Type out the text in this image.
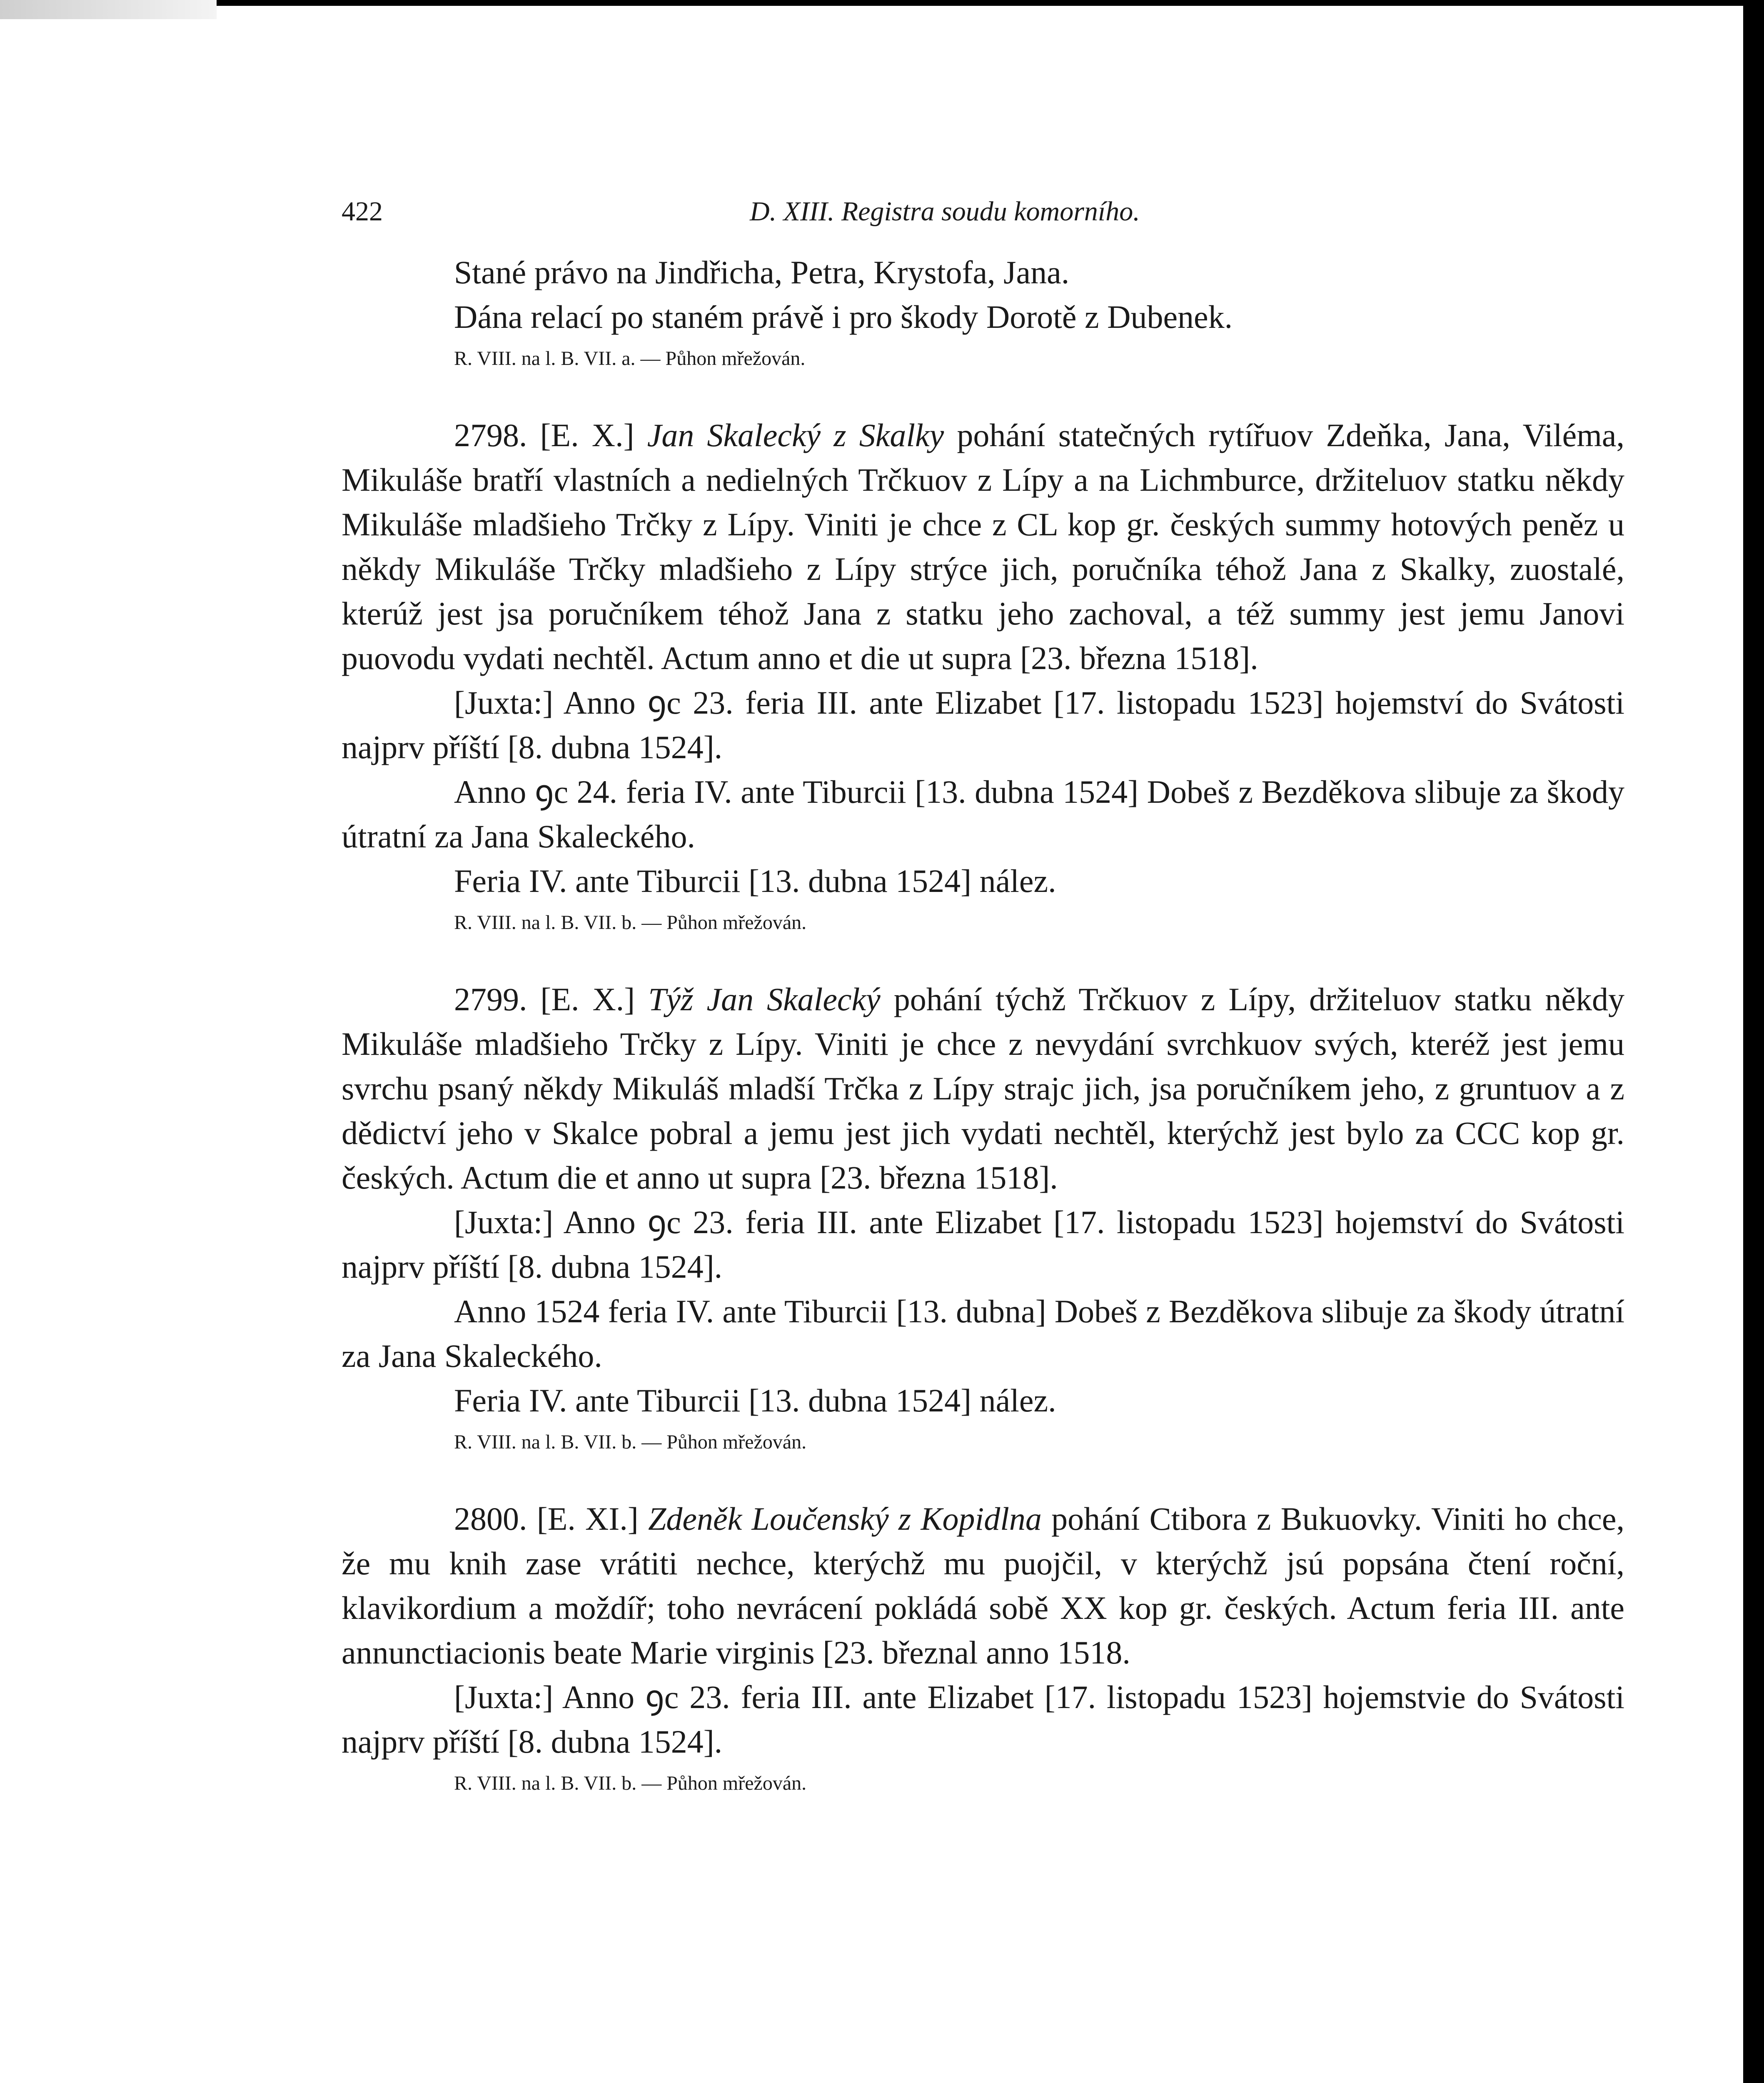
422	D. XIII. Registra soudu komorního.

Stané právo na Jindřicha, Petra, Krystofa, Jana.

Dána relací po staném právě i pro škody Dorotě z Dubenek.

R. VIII. na l. B. VII. a. — Půhon mřežován.

2798. [E. X.] Jan Skalecký z Skalky pohání statečných rytířuov Zdeňka, Jana, Viléma, Mikuláše bratří vlastních a nedielných Trčkuov z Lípy a na Lichmburce, držiteluov statku někdy Mikuláše mladšieho Trčky z Lípy. Viniti je chce z CL kop gr. českých summy hotových peněz u někdy Mikuláše Trčky mladšieho z Lípy strýce jich, poručníka téhož Jana z Skalky, zuostalé, kterúž jest jsa poručníkem téhož Jana z statku jeho zachoval, a též summy jest jemu Janovi puovodu vydati nechtěl. Actum anno et die ut supra [23. března 1518].

[Juxta:] Anno ꝯc 23. feria III. ante Elizabet [17. listopadu 1523] hojemství do Svátosti najprv příští [8. dubna 1524].

Anno ꝯc 24. feria IV. ante Tiburcii [13. dubna 1524] Dobeš z Bezděkova slibuje za škody útratní za Jana Skaleckého.

Feria IV. ante Tiburcii [13. dubna 1524] nález.

R. VIII. na l. B. VII. b. — Půhon mřežován.

2799. [E. X.] Týž Jan Skalecký pohání týchž Trčkuov z Lípy, držiteluov statku někdy Mikuláše mladšieho Trčky z Lípy. Viniti je chce z nevydání svrchkuov svých, kteréž jest jemu svrchu psaný někdy Mikuláš mladší Trčka z Lípy strajc jich, jsa poručníkem jeho, z gruntuov a z dědictví jeho v Skalce pobral a jemu jest jich vydati nechtěl, kterýchž jest bylo za CCC kop gr. českých. Actum die et anno ut supra [23. března 1518].

[Juxta:] Anno ꝯc 23. feria III. ante Elizabet [17. listopadu 1523] hojemství do Svátosti najprv příští [8. dubna 1524].

Anno 1524 feria IV. ante Tiburcii [13. dubna] Dobeš z Bezděkova slibuje za škody útratní za Jana Skaleckého.

Feria IV. ante Tiburcii [13. dubna 1524] nález.

R. VIII. na l. B. VII. b. — Půhon mřežován.

2800. [E. XI.] Zdeněk Loučenský z Kopidlna pohání Ctibora z Bukuovky. Viniti ho chce, že mu knih zase vrátiti nechce, kterýchž mu puojčil, v kterýchž jsú popsána čtení roční, klavikordium a moždíř; toho nevrácení pokládá sobě XX kop gr. českých. Actum feria III. ante annunctiacionis beate Marie virginis [23. březnal anno 1518.

[Juxta:] Anno ꝯc 23. feria III. ante Elizabet [17. listopadu 1523] hojemstvie do Svátosti najprv příští [8. dubna 1524].

R. VIII. na l. B. VII. b. — Půhon mřežován.
